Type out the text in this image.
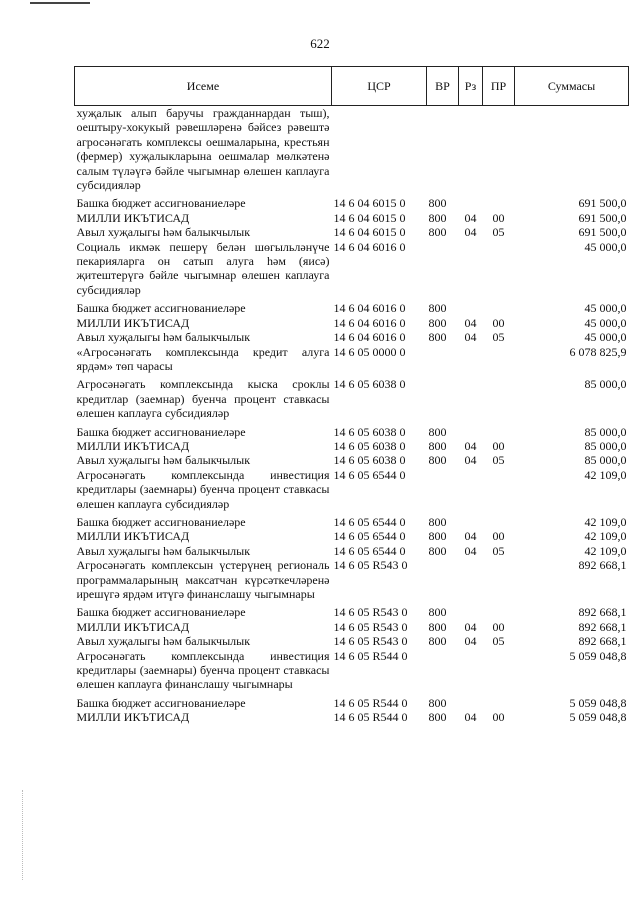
622
Исеме	ЦСР	ВР	Рз	ПР	Суммасы
хуҗалык алып баручы гражданнардан тыш), оештыру-хокукый рәвешләренә бәйсез рәвештә агросәнәгать комплексы оешмаларына, крестьян (фермер) хуҗалыкларына оешмалар мөлкәтенә салым түләүгә бәйле чыгымнар өлешен каплауга субсидияләр					
Башка бюджет ассигнованиеләре	14 6 04 6015 0	800			691 500,0
МИЛЛИ ИКЪТИСАД	14 6 04 6015 0	800	04	00	691 500,0
Авыл хуҗалыгы һәм балыкчылык	14 6 04 6015 0	800	04	05	691 500,0
Социаль икмәк пешерү белән шөгыльләнүче пекарияларга он сатып алуга һәм (яисә) җитештерүгә бәйле чыгымнар өлешен каплауга субсидияләр	14 6 04 6016 0				45 000,0
Башка бюджет ассигнованиеләре	14 6 04 6016 0	800			45 000,0
МИЛЛИ ИКЪТИСАД	14 6 04 6016 0	800	04	00	45 000,0
Авыл хуҗалыгы һәм балыкчылык	14 6 04 6016 0	800	04	05	45 000,0
«Агросәнәгать комплексында кредит алуга ярдәм» төп чарасы	14 6 05 0000 0				6 078 825,9
Агросәнәгать комплексында кыска сроклы кредитлар (заемнар) буенча процент ставкасы өлешен каплауга субсидияләр	14 6 05 6038 0				85 000,0
Башка бюджет ассигнованиеләре	14 6 05 6038 0	800			85 000,0
МИЛЛИ ИКЪТИСАД	14 6 05 6038 0	800	04	00	85 000,0
Авыл хуҗалыгы һәм балыкчылык	14 6 05 6038 0	800	04	05	85 000,0
Агросәнәгать комплексында инвестиция кредитлары (заемнары) буенча процент ставкасы өлешен каплауга субсидияләр	14 6 05 6544 0				42 109,0
Башка бюджет ассигнованиеләре	14 6 05 6544 0	800			42 109,0
МИЛЛИ ИКЪТИСАД	14 6 05 6544 0	800	04	00	42 109,0
Авыл хуҗалыгы һәм балыкчылык	14 6 05 6544 0	800	04	05	42 109,0
Агросәнәгать комплексын үстерүнең региональ программаларының максатчан күрсәткечләренә ирешүгә ярдәм итүгә финанслашу чыгымнары	14 6 05 R543 0				892 668,1
Башка бюджет ассигнованиеләре	14 6 05 R543 0	800			892 668,1
МИЛЛИ ИКЪТИСАД	14 6 05 R543 0	800	04	00	892 668,1
Авыл хуҗалыгы һәм балыкчылык	14 6 05 R543 0	800	04	05	892 668,1
Агросәнәгать комплексында инвестиция кредитлары (заемнары) буенча процент ставкасы өлешен каплауга финанслашу чыгымнары	14 6 05 R544 0				5 059 048,8
Башка бюджет ассигнованиеләре	14 6 05 R544 0	800			5 059 048,8
МИЛЛИ ИКЪТИСАД	14 6 05 R544 0	800	04	00	5 059 048,8
